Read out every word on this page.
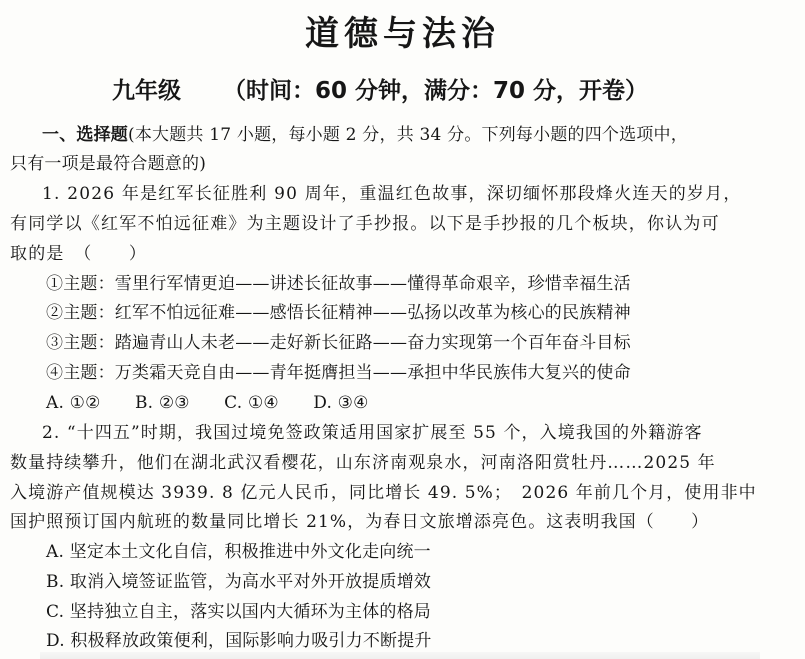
道德与法治
九年级 （时间：60 分钟，满分：70 分，开卷）
一、选择题(本大题共 17 小题，每小题 2 分，共 34 分。下列每小题的四个选项中，
只有一项是最符合题意的)
1. 2026 年是红军长征胜利 90 周年，重温红色故事，深切缅怀那段烽火连天的岁月，
有同学以《红军不怕远征难》为主题设计了手抄报。以下是手抄报的几个板块，你认为可
取的是　（　　）
①主题：雪里行军情更迫——讲述长征故事——懂得革命艰辛，珍惜幸福生活
②主题：红军不怕远征难——感悟长征精神——弘扬以改革为核心的民族精神
③主题：踏遍青山人未老——走好新长征路——奋力实现第一个百年奋斗目标
④主题：万类霜天竞自由——青年挺膺担当——承担中华民族伟大复兴的使命
A. ①②　　B. ②③　　C. ①④　　D. ③④
2. “十四五”时期，我国过境免签政策适用国家扩展至 55 个，入境我国的外籍游客
数量持续攀升，他们在湖北武汉看樱花，山东济南观泉水，河南洛阳赏牡丹……2025 年
入境游产值规模达 3939. 8 亿元人民币，同比增长 49. 5%；　2026 年前几个月，使用非中
国护照预订国内航班的数量同比增长 21%，为春日文旅增添亮色。这表明我国（　　）
A. 坚定本土文化自信，积极推进中外文化走向统一
B. 取消入境签证监管，为高水平对外开放提质增效
C. 坚持独立自主，落实以国内大循环为主体的格局
D. 积极释放政策便利，国际影响力吸引力不断提升
